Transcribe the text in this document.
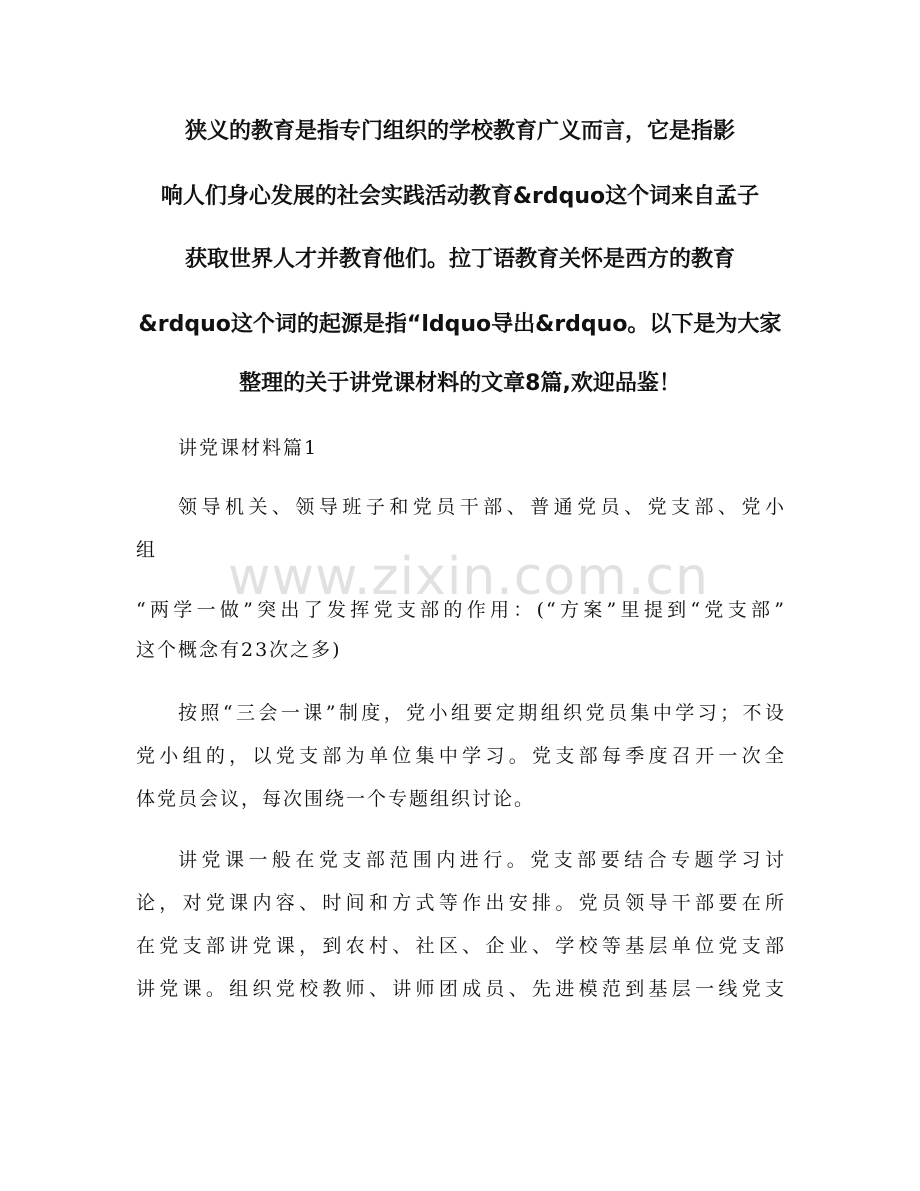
狭义的教育是指专门组织的学校教育广义而言，它是指影
响人们身心发展的社会实践活动教育&rdquo这个词来自孟子
获取世界人才并教育他们。拉丁语教育关怀是西方的教育
&rdquo这个词的起源是指“ldquo导出&rdquo。以下是为大家
整理的关于讲党课材料的文章8篇,欢迎品鉴！
讲党课材料篇1
领导机关、领导班子和党员干部、普通党员、党支部、党小
组
“两学一做”突出了发挥党支部的作用：(“方案”里提到“党支部”
这个概念有23次之多)
按照“三会一课”制度，党小组要定期组织党员集中学习；不设
党小组的，以党支部为单位集中学习。党支部每季度召开一次全
体党员会议，每次围绕一个专题组织讨论。
讲党课一般在党支部范围内进行。党支部要结合专题学习讨
论，对党课内容、时间和方式等作出安排。党员领导干部要在所
在党支部讲党课，到农村、社区、企业、学校等基层单位党支部
讲党课。组织党校教师、讲师团成员、先进模范到基层一线党支
www.zixin.com.cn
